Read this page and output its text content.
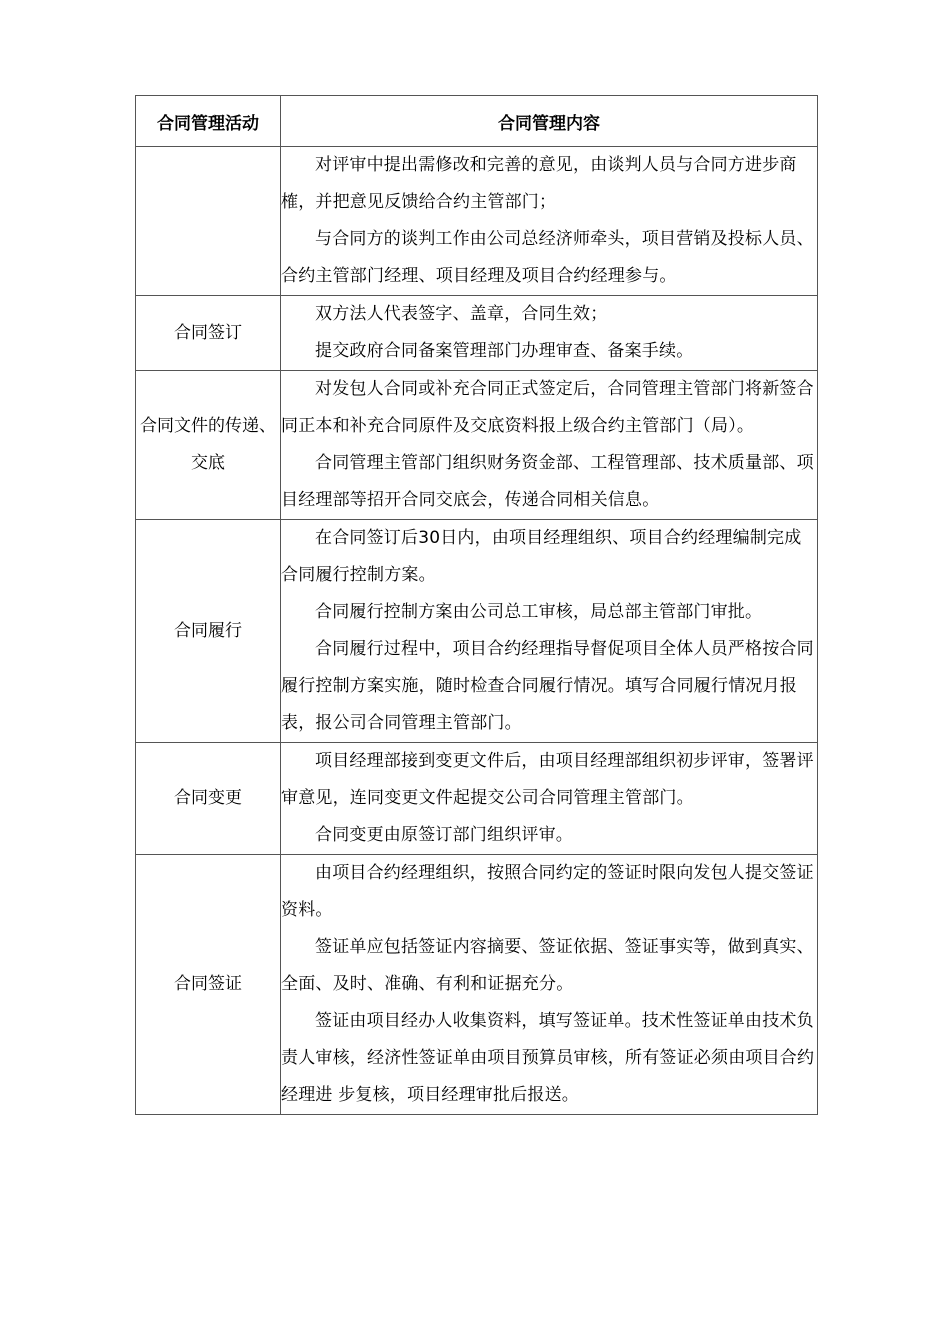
合同管理活动	合同管理内容

	对评审中提出需修改和完善的意见，由谈判人员与合同方进步商榷，并把意见反馈给合约主管部门；

与合同方的谈判工作由公司总经济师牵头，项目营销及投标人员、合约主管部门经理、项目经理及项目合约经理参与。

合同签订	双方法人代表签字、盖章，合同生效；

提交政府合同备案管理部门办理审查、备案手续。

合同文件的传递、交底	对发包人合同或补充合同正式签定后，合同管理主管部门将新签合同正本和补充合同原件及交底资料报上级合约主管部门（局）。

合同管理主管部门组织财务资金部、工程管理部、技术质量部、项目经理部等招开合同交底会，传递合同相关信息。

合同履行	在合同签订后30日内，由项目经理组织、项目合约经理编制完成合同履行控制方案。

合同履行控制方案由公司总工审核，局总部主管部门审批。

合同履行过程中，项目合约经理指导督促项目全体人员严格按合同履行控制方案实施，随时检查合同履行情况。填写合同履行情况月报表，报公司合同管理主管部门。

合同变更	项目经理部接到变更文件后，由项目经理部组织初步评审，签署评审意见，连同变更文件起提交公司合同管理主管部门。

合同变更由原签订部门组织评审。

合同签证	由项目合约经理组织，按照合同约定的签证时限向发包人提交签证资料。

签证单应包括签证内容摘要、签证依据、签证事实等，做到真实、全面、及时、准确、有利和证据充分。

签证由项目经办人收集资料，填写签证单。技术性签证单由技术负责人审核，经济性签证单由项目预算员审核，所有签证必须由项目合约经理进 步复核，项目经理审批后报送。
